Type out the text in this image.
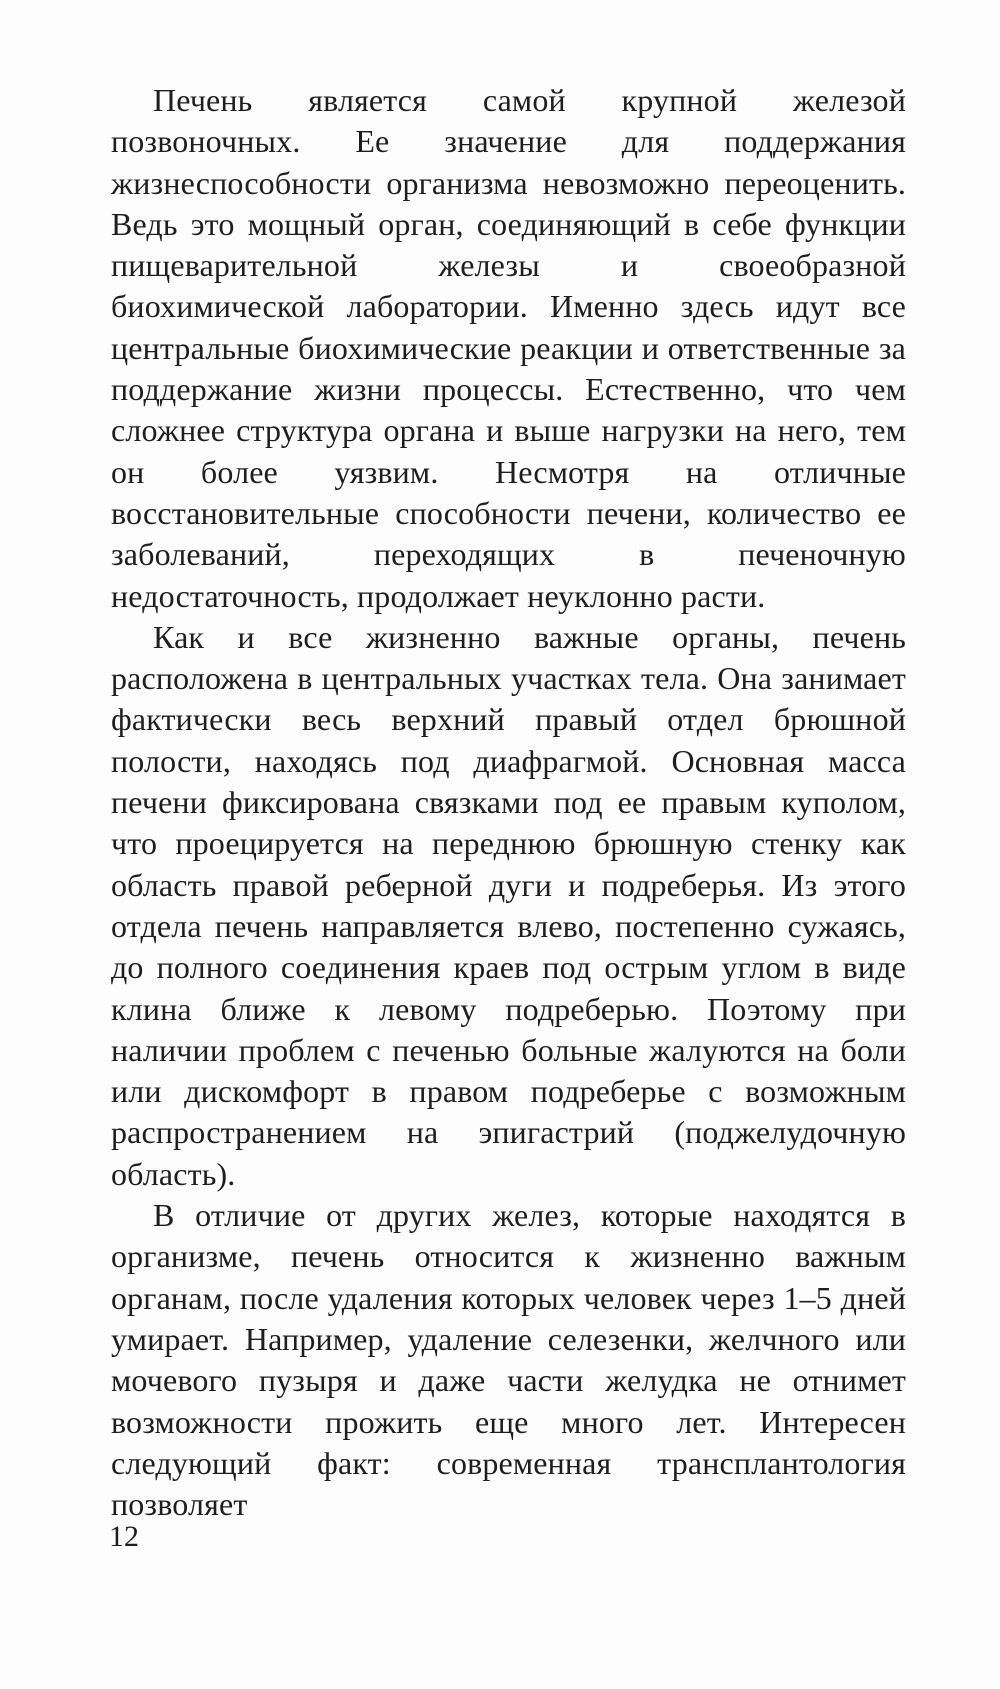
Печень является самой крупной железой позвоночных. Ее значение для поддержания жизнеспособности организма невозможно переоценить. Ведь это мощный орган, соединяющий в себе функции пищеварительной железы и своеобразной биохимической лаборатории. Именно здесь идут все центральные биохимические реакции и ответственные за поддержание жизни процессы. Естественно, что чем сложнее структура органа и выше нагрузки на него, тем он более уязвим. Несмотря на отличные восстановительные способности печени, количество ее заболеваний, переходящих в печеночную недостаточность, продолжает неуклонно расти.

Как и все жизненно важные органы, печень расположена в центральных участках тела. Она занимает фактически весь верхний правый отдел брюшной полости, находясь под диафрагмой. Основная масса печени фиксирована связками под ее правым куполом, что проецируется на переднюю брюшную стенку как область правой реберной дуги и подреберья. Из этого отдела печень направляется влево, постепенно сужаясь, до полного соединения краев под острым углом в виде клина ближе к левому подреберью. Поэтому при наличии проблем с печенью больные жалуются на боли или дискомфорт в правом подреберье с возможным распространением на эпигастрий (поджелудочную область).

В отличие от других желез, которые находятся в организме, печень относится к жизненно важным органам, после удаления которых человек через 1–5 дней умирает. Например, удаление селезенки, желчного или мочевого пузыря и даже части желудка не отнимет возможности прожить еще много лет. Интересен следующий факт: современная трансплантология позволяет

12
